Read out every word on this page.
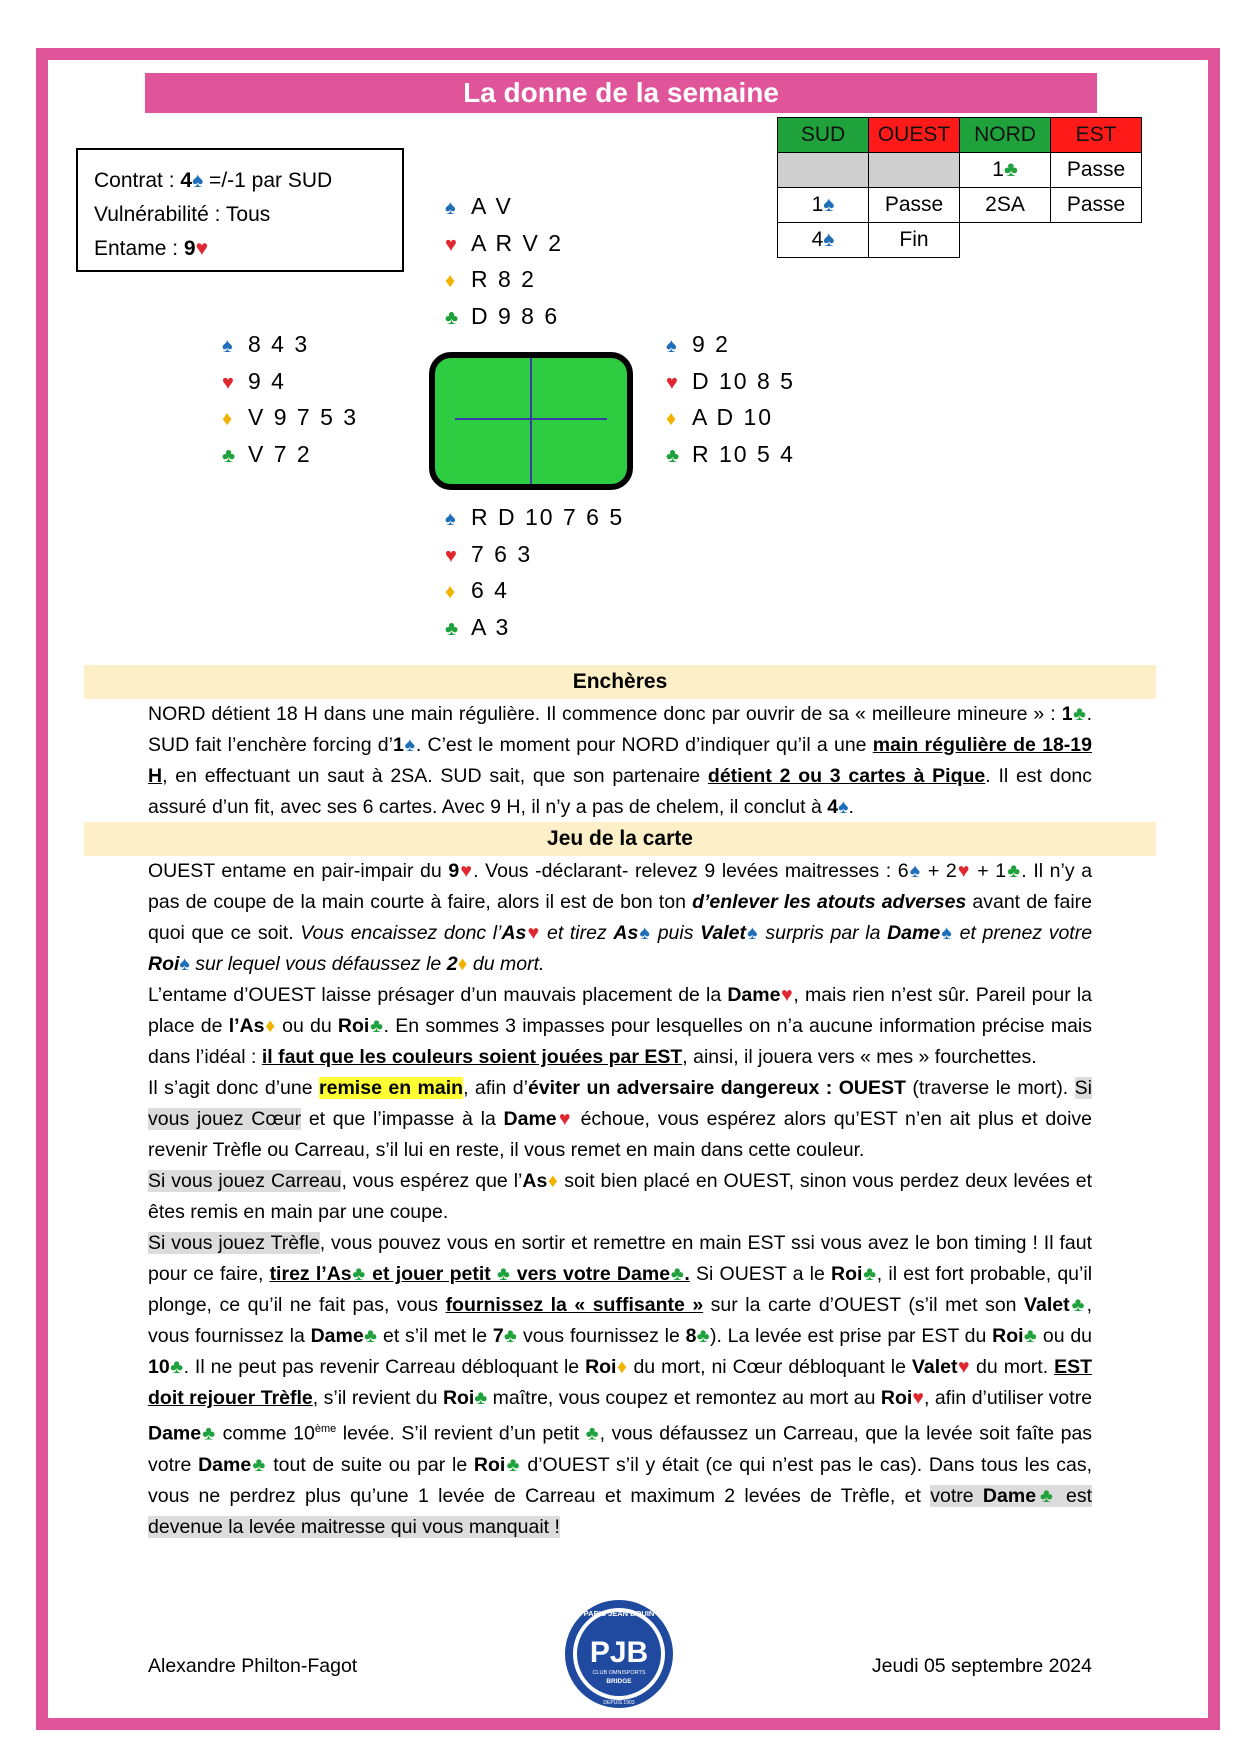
La donne de la semaine
Contrat : 4♠ =/-1 par SUD
Vulnérabilité : Tous
Entame : 9♥
SUD	OUEST	NORD	EST
		1♣	Passe
1♠	Passe	2SA	Passe
4♠	Fin		
♠ A V
♥ A R V 2
♦ R 8 2
♣ D 9 8 6
♠ 8 4 3
♥ 9 4
♦ V 9 7 5 3
♣ V 7 2
♠ 9 2
♥ D 10 8 5
♦ A D 10
♣ R 10 5 4
♠ R D 10 7 6 5
♥ 7 6 3
♦ 6 4
♣ A 3
Enchères

NORD détient 18 H dans une main régulière. Il commence donc par ouvrir de sa « meilleure mineure » : 1♣. SUD fait l’enchère forcing d’1♠. C’est le moment pour NORD d’indiquer qu’il a une main régulière de 18-19 H, en effectuant un saut à 2SA. SUD sait, que son partenaire détient 2 ou 3 cartes à Pique. Il est donc assuré d’un fit, avec ses 6 cartes. Avec 9 H, il n’y a pas de chelem, il conclut à 4♠.

Jeu de la carte

OUEST entame en pair-impair du 9♥. Vous -déclarant- relevez 9 levées maitresses : 6♠ + 2♥ + 1♣. Il n’y a pas de coupe de la main courte à faire, alors il est de bon ton d’enlever les atouts adverses avant de faire quoi que ce soit. Vous encaissez donc l’As♥ et tirez As♠ puis Valet♠ surpris par la Dame♠ et prenez votre Roi♠ sur lequel vous défaussez le 2♦ du mort.

L’entame d’OUEST laisse présager d’un mauvais placement de la Dame♥, mais rien n’est sûr. Pareil pour la place de l’As♦ ou du Roi♣. En sommes 3 impasses pour lesquelles on n’a aucune information précise mais dans l’idéal : il faut que les couleurs soient jouées par EST, ainsi, il jouera vers « mes » fourchettes.

Il s’agit donc d’une remise en main, afin d’éviter un adversaire dangereux : OUEST (traverse le mort). Si vous jouez Cœur et que l’impasse à la Dame♥ échoue, vous espérez alors qu’EST n’en ait plus et doive revenir Trèfle ou Carreau, s’il lui en reste, il vous remet en main dans cette couleur.

Si vous jouez Carreau, vous espérez que l’As♦ soit bien placé en OUEST, sinon vous perdez deux levées et êtes remis en main par une coupe.

Si vous jouez Trèfle, vous pouvez vous en sortir et remettre en main EST ssi vous avez le bon timing ! Il faut pour ce faire, tirez l’As♣ et jouer petit ♣ vers votre Dame♣. Si OUEST a le Roi♣, il est fort probable, qu’il plonge, ce qu’il ne fait pas, vous fournissez la « suffisante » sur la carte d’OUEST (s’il met son Valet♣, vous fournissez la Dame♣ et s’il met le 7♣ vous fournissez le 8♣). La levée est prise par EST du Roi♣ ou du 10♣. Il ne peut pas revenir Carreau débloquant le Roi♦ du mort, ni Cœur débloquant le Valet♥ du mort. EST doit rejouer Trèfle, s’il revient du Roi♣ maître, vous coupez et remontez au mort au Roi♥, afin d’utiliser votre Dame♣ comme 10ème levée. S’il revient d’un petit ♣, vous défaussez un Carreau, que la levée soit faîte pas votre Dame♣ tout de suite ou par le Roi♣ d’OUEST s’il y était (ce qui n’est pas le cas). Dans tous les cas, vous ne perdrez plus qu’une 1 levée de Carreau et maximum 2 levées de Trèfle, et votre Dame♣ est devenue la levée maitresse qui vous manquait !

Alexandre Philton-Fagot	Jeudi 05 septembre 2024
PARIS JEAN BOUIN
PJB
CLUB OMNISPORTS
BRIDGE
DEPUIS 1903
